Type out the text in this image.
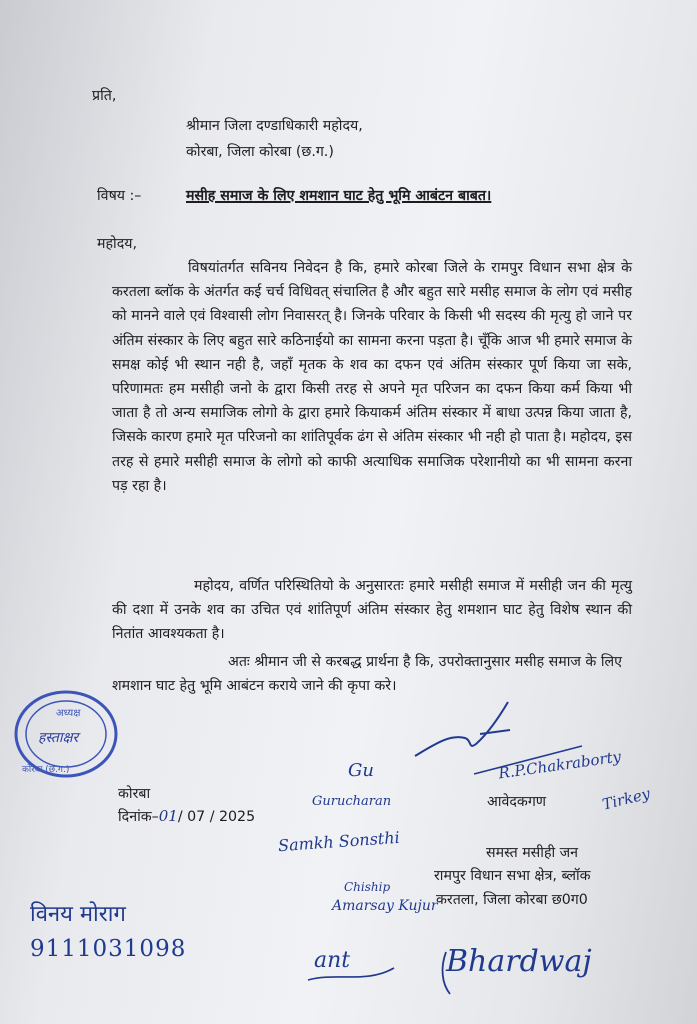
प्रति,
श्रीमान जिला दण्डाधिकारी महोदय,
कोरबा, जिला कोरबा (छ.ग.)
विषय :–	मसीह समाज के लिए शमशान घाट हेतु भूमि आबंटन बाबत।
महोदय,

विषयांतर्गत सविनय निवेदन है कि, हमारे कोरबा जिले के रामपुर विधान सभा क्षेत्र के करतला ब्लॉक के अंतर्गत कई चर्च विधिवत् संचालित है और बहुत सारे मसीह समाज के लोग एवं मसीह को मानने वाले एवं विश्वासी लोग निवासरत् है। जिनके परिवार के किसी भी सदस्य की मृत्यु हो जाने पर अंतिम संस्कार के लिए बहुत सारे कठिनाईयो का सामना करना पड़ता है। चूँकि आज भी हमारे समाज के समक्ष कोई भी स्थान नही है, जहाँ मृतक के शव का दफन एवं अंतिम संस्कार पूर्ण किया जा सके, परिणामतः हम मसीही जनो के द्वारा किसी तरह से अपने मृत परिजन का दफन किया कर्म किया भी जाता है तो अन्य समाजिक लोगो के द्वारा हमारे कियाकर्म अंतिम संस्कार में बाधा उत्पन्न किया जाता है, जिसके कारण हमारे मृत परिजनो का शांतिपूर्वक ढंग से अंतिम संस्कार भी नही हो पाता है। महोदय, इस तरह से हमारे मसीही समाज के लोगो को काफी अत्याधिक समाजिक परेशानीयो का भी सामना करना पड़ रहा है।

महोदय, वर्णित परिस्थितियो के अनुसारतः हमारे मसीही समाज में मसीही जन की मृत्यु की दशा में उनके शव का उचित एवं शांतिपूर्ण अंतिम संस्कार हेतु शमशान घाट हेतु विशेष स्थान की नितांत आवश्यकता है।

अतः श्रीमान जी से करबद्ध प्रार्थना है कि, उपरोक्तानुसार मसीह समाज के लिए शमशान घाट हेतु भूमि आबंटन कराये जाने की कृपा करे।

कोरबा
दिनांक–01/ 07 / 2025
आवेदकगण
समस्त मसीही जन
रामपुर विधान सभा क्षेत्र, ब्लॉक
करतला, जिला कोरबा छ0ग0
अध्यक्ष
हस्ताक्षर
कोरबा (छ.ग.)	R.P.Chakraborty
Gu
Gurucharan	Tirkey
Samkh Sonsthi
Chiship
Amarsay Kujur
विनय मोराग
9111031098	ant	Bhardwaj
